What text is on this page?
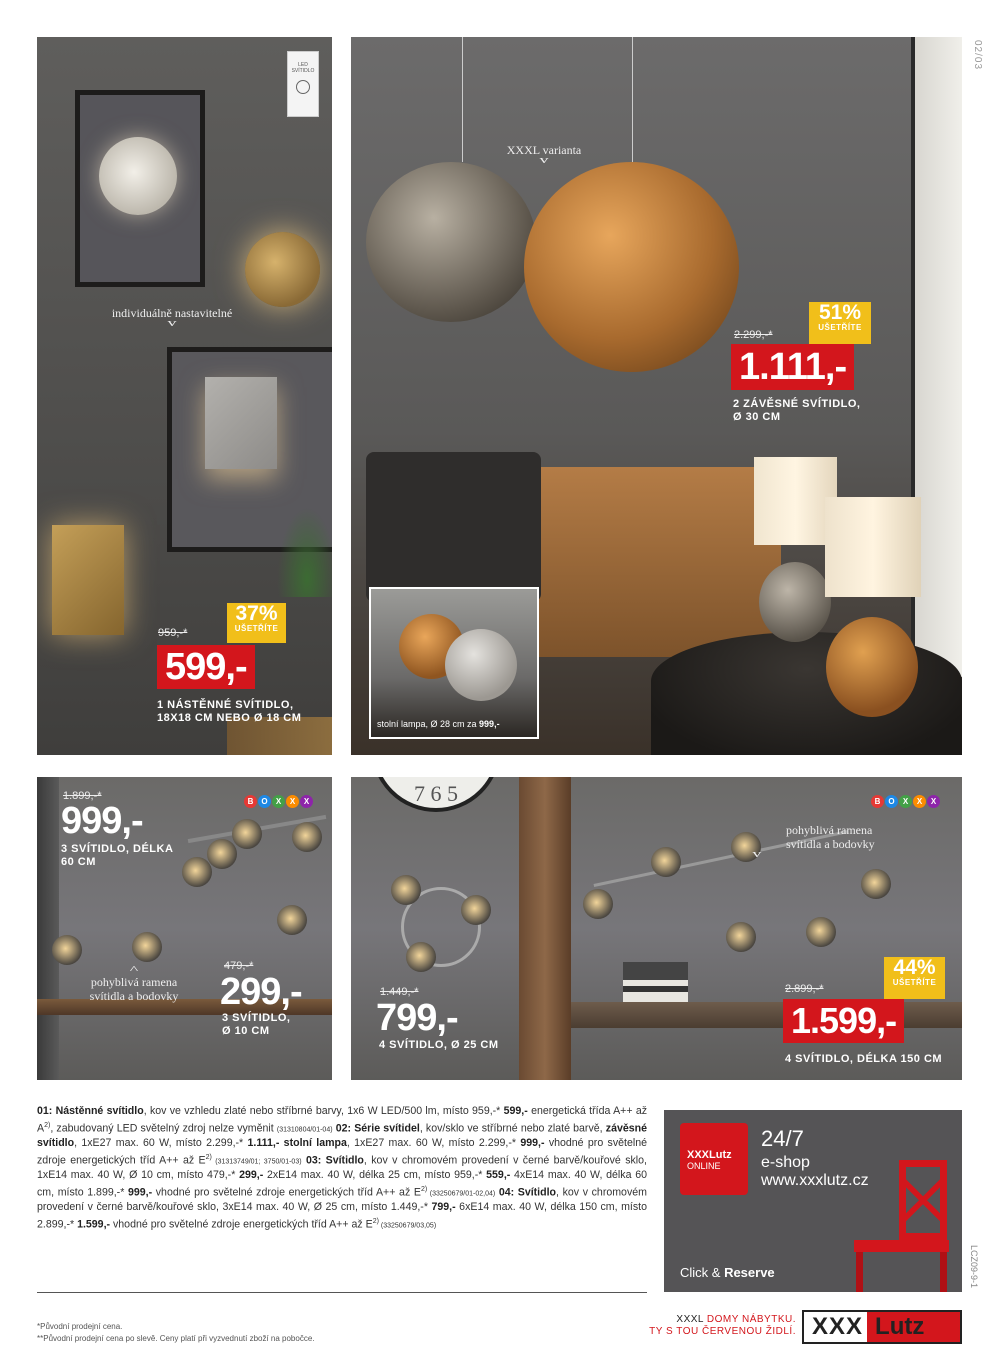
02/03

LED
SVÍTIDLO

individuálně nastavitelné
v
959,-*
37%
UŠETŘÍTE
599,-
1 NÁSTĚNNÉ SVÍTIDLO,
18X18 CM NEBO Ø 18 CM
XXXL varianta
v
2.299,-*
51%
UŠETŘÍTE
1.111,-
2 ZÁVĚSNÉ SVÍTIDLO,
Ø 30 CM
stolní lampa, Ø 28 cm za 999,-
1.899,-*
999,-
3 SVÍTIDLO, DÉLKA
60 CM
B O	X	X	X
^
pohyblivá ramena
svítidla a bodovky
479,-*
299,-
3 SVÍTIDLO,
Ø 10 CM
7 6 5
1.449,-*
799,-
4 SVÍTIDLO, Ø 25 CM
B O	X	X	X
pohyblivá ramena
svítidla a bodovky
v
2.899,-*
44%
UŠETŘÍTE
1.599,-
4 SVÍTIDLO, DÉLKA 150 CM
01: Nástěnné svítidlo, kov ve vzhledu zlaté nebo stříbrné barvy, 1x6 W LED/500 lm, místo 959,-* 599,- energetická třída A++ až $A^{2)}$, zabudovaný LED světelný zdroj nelze vyměnit (31310804/01-04) 02: Série svítidel, kov/sklo ve stříbrné nebo zlaté barvě, závěsné svítidlo, 1xE27 max. 60 W, místo 2.299,-* 1.111,- stolní lampa, 1xE27 max. 60 W, místo 2.299,-* 999,- vhodné pro světelné zdroje energetických tříd A++ až $E^{2)}$ (31313749/01; 3750/01-03) 03: Svítidlo, kov v chromovém provedení v černé barvě/kouřové sklo, 1xE14 max. 40 W, Ø 10 cm, místo 479,-* 299,- 2xE14 max. 40 W, délka 25 cm, místo 959,-* 559,- 4xE14 max. 40 W, délka 60 cm, místo 1.899,-* 999,- vhodné pro světelné zdroje energetických tříd A++ až $E^{2)}$ (33250679/01-02,04) 04: Svítidlo, kov v chromovém provedení v černé barvě/kouřové sklo, 3xE14 max. 40 W, Ø 25 cm, místo 1.449,-* 799,- 6xE14 max. 40 W, délka 150 cm, místo 2.899,-* 1.599,- vhodné pro světelné zdroje energetických tříd A++ až $E^{2)}$ (33250679/03,05)
XXXLutz
ONLINE
24/7
e-shop
www.xxxlutz.cz
Click & Reserve	LCZ09-9-1
*Původní prodejní cena.
**Původní prodejní cena po slevě. Ceny platí při vyzvednutí zboží na pobočce.
XXXL DOMY NÁBYTKU.
TY S TOU ČERVENOU ŽIDLÍ. XXX Lutz
